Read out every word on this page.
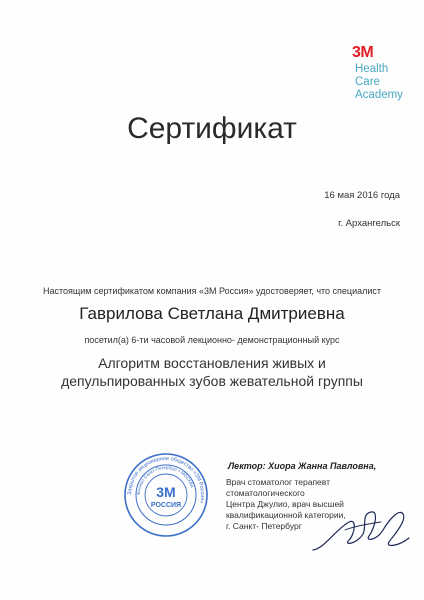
3M
Health
Care
Academy
Сертификат
16 мая 2016 года
г. Архангельск
Настоящим сертификатом компания «3М Россия» удостоверяет, что специалист
Гаврилова Светлана Дмитриевна
посетил(а) 6-ти часовой лекционно- демонстрационный курс
Алгоритм восстановления живых и депульпированных зубов жевательной группы
Лектор: Хиора Жанна Павловна,
Врач стоматолог терапевт
стоматологического
Центра Джулио, врач высшей
квалификационной категории,
г. Санкт- Петербург
Закрытое акционерное общество «3М Россия»
Филиал Санкт-Петербург • МОСКВА
3М
РОССИЯ
